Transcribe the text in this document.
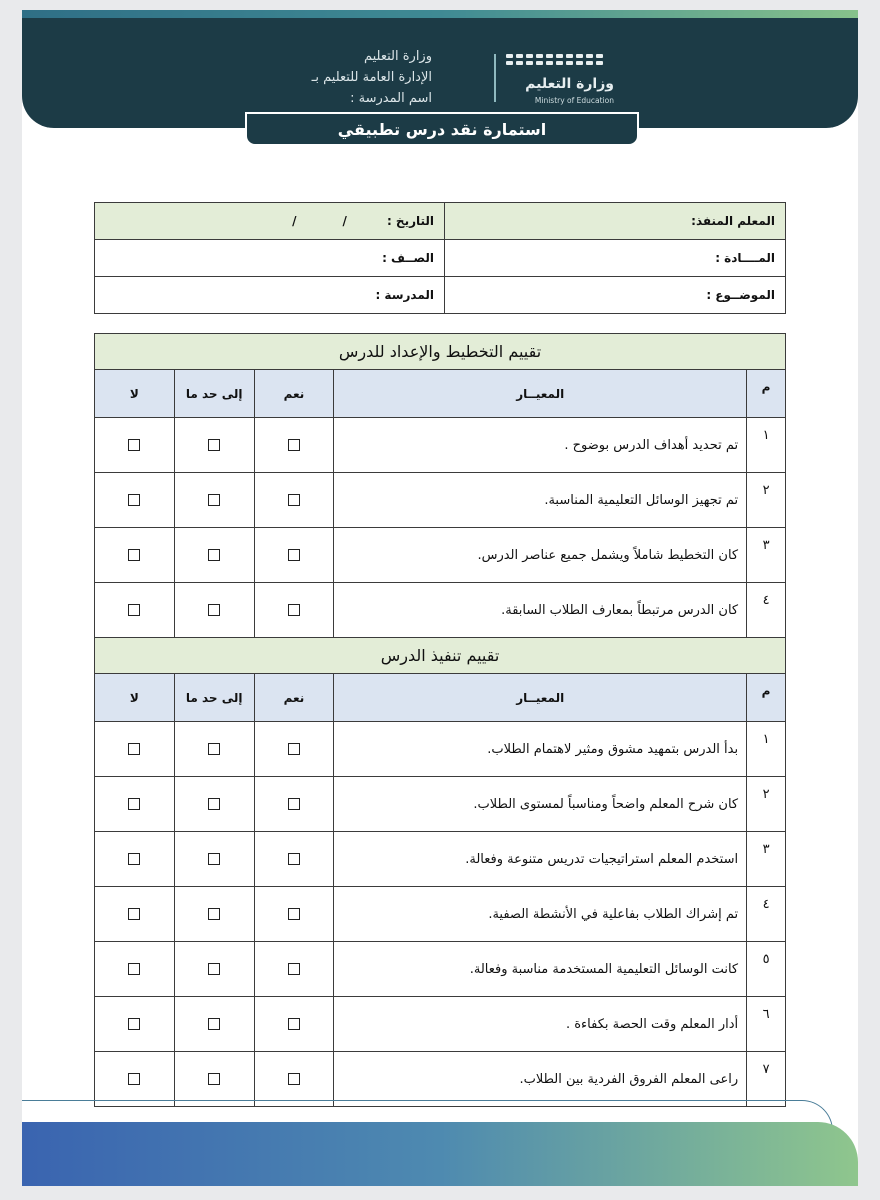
وزارة التعليم
الإدارة العامة للتعليم بـ
اسم المدرسة :
وزارة التعليم
Ministry of Education
استمارة نقد درس تطبيقي
المعلم المنفذ:	التاريخ ://
المــــادة :	الصــف :
الموضــوع :	المدرسة :
تقييم التخطيط والإعداد للدرس				
م	المعيــار	نعم	إلى حد ما	لا
١	تم تحديد أهداف الدرس بوضوح .			
٢	تم تجهيز الوسائل التعليمية المناسبة.			
٣	كان التخطيط شاملاً ويشمل جميع عناصر الدرس.			
٤	كان الدرس مرتبطاً بمعارف الطلاب السابقة.			
تقييم تنفيذ الدرس				
م	المعيــار	نعم	إلى حد ما	لا
١	بدأ الدرس بتمهيد مشوق ومثير لاهتمام الطلاب.			
٢	كان شرح المعلم واضحاً ومناسباً لمستوى الطلاب.			
٣	استخدم المعلم استراتيجيات تدريس متنوعة وفعالة.			
٤	تم إشراك الطلاب بفاعلية في الأنشطة الصفية.			
٥	كانت الوسائل التعليمية المستخدمة مناسبة وفعالة.			
٦	أدار المعلم وقت الحصة بكفاءة .			
٧	راعى المعلم الفروق الفردية بين الطلاب.			
